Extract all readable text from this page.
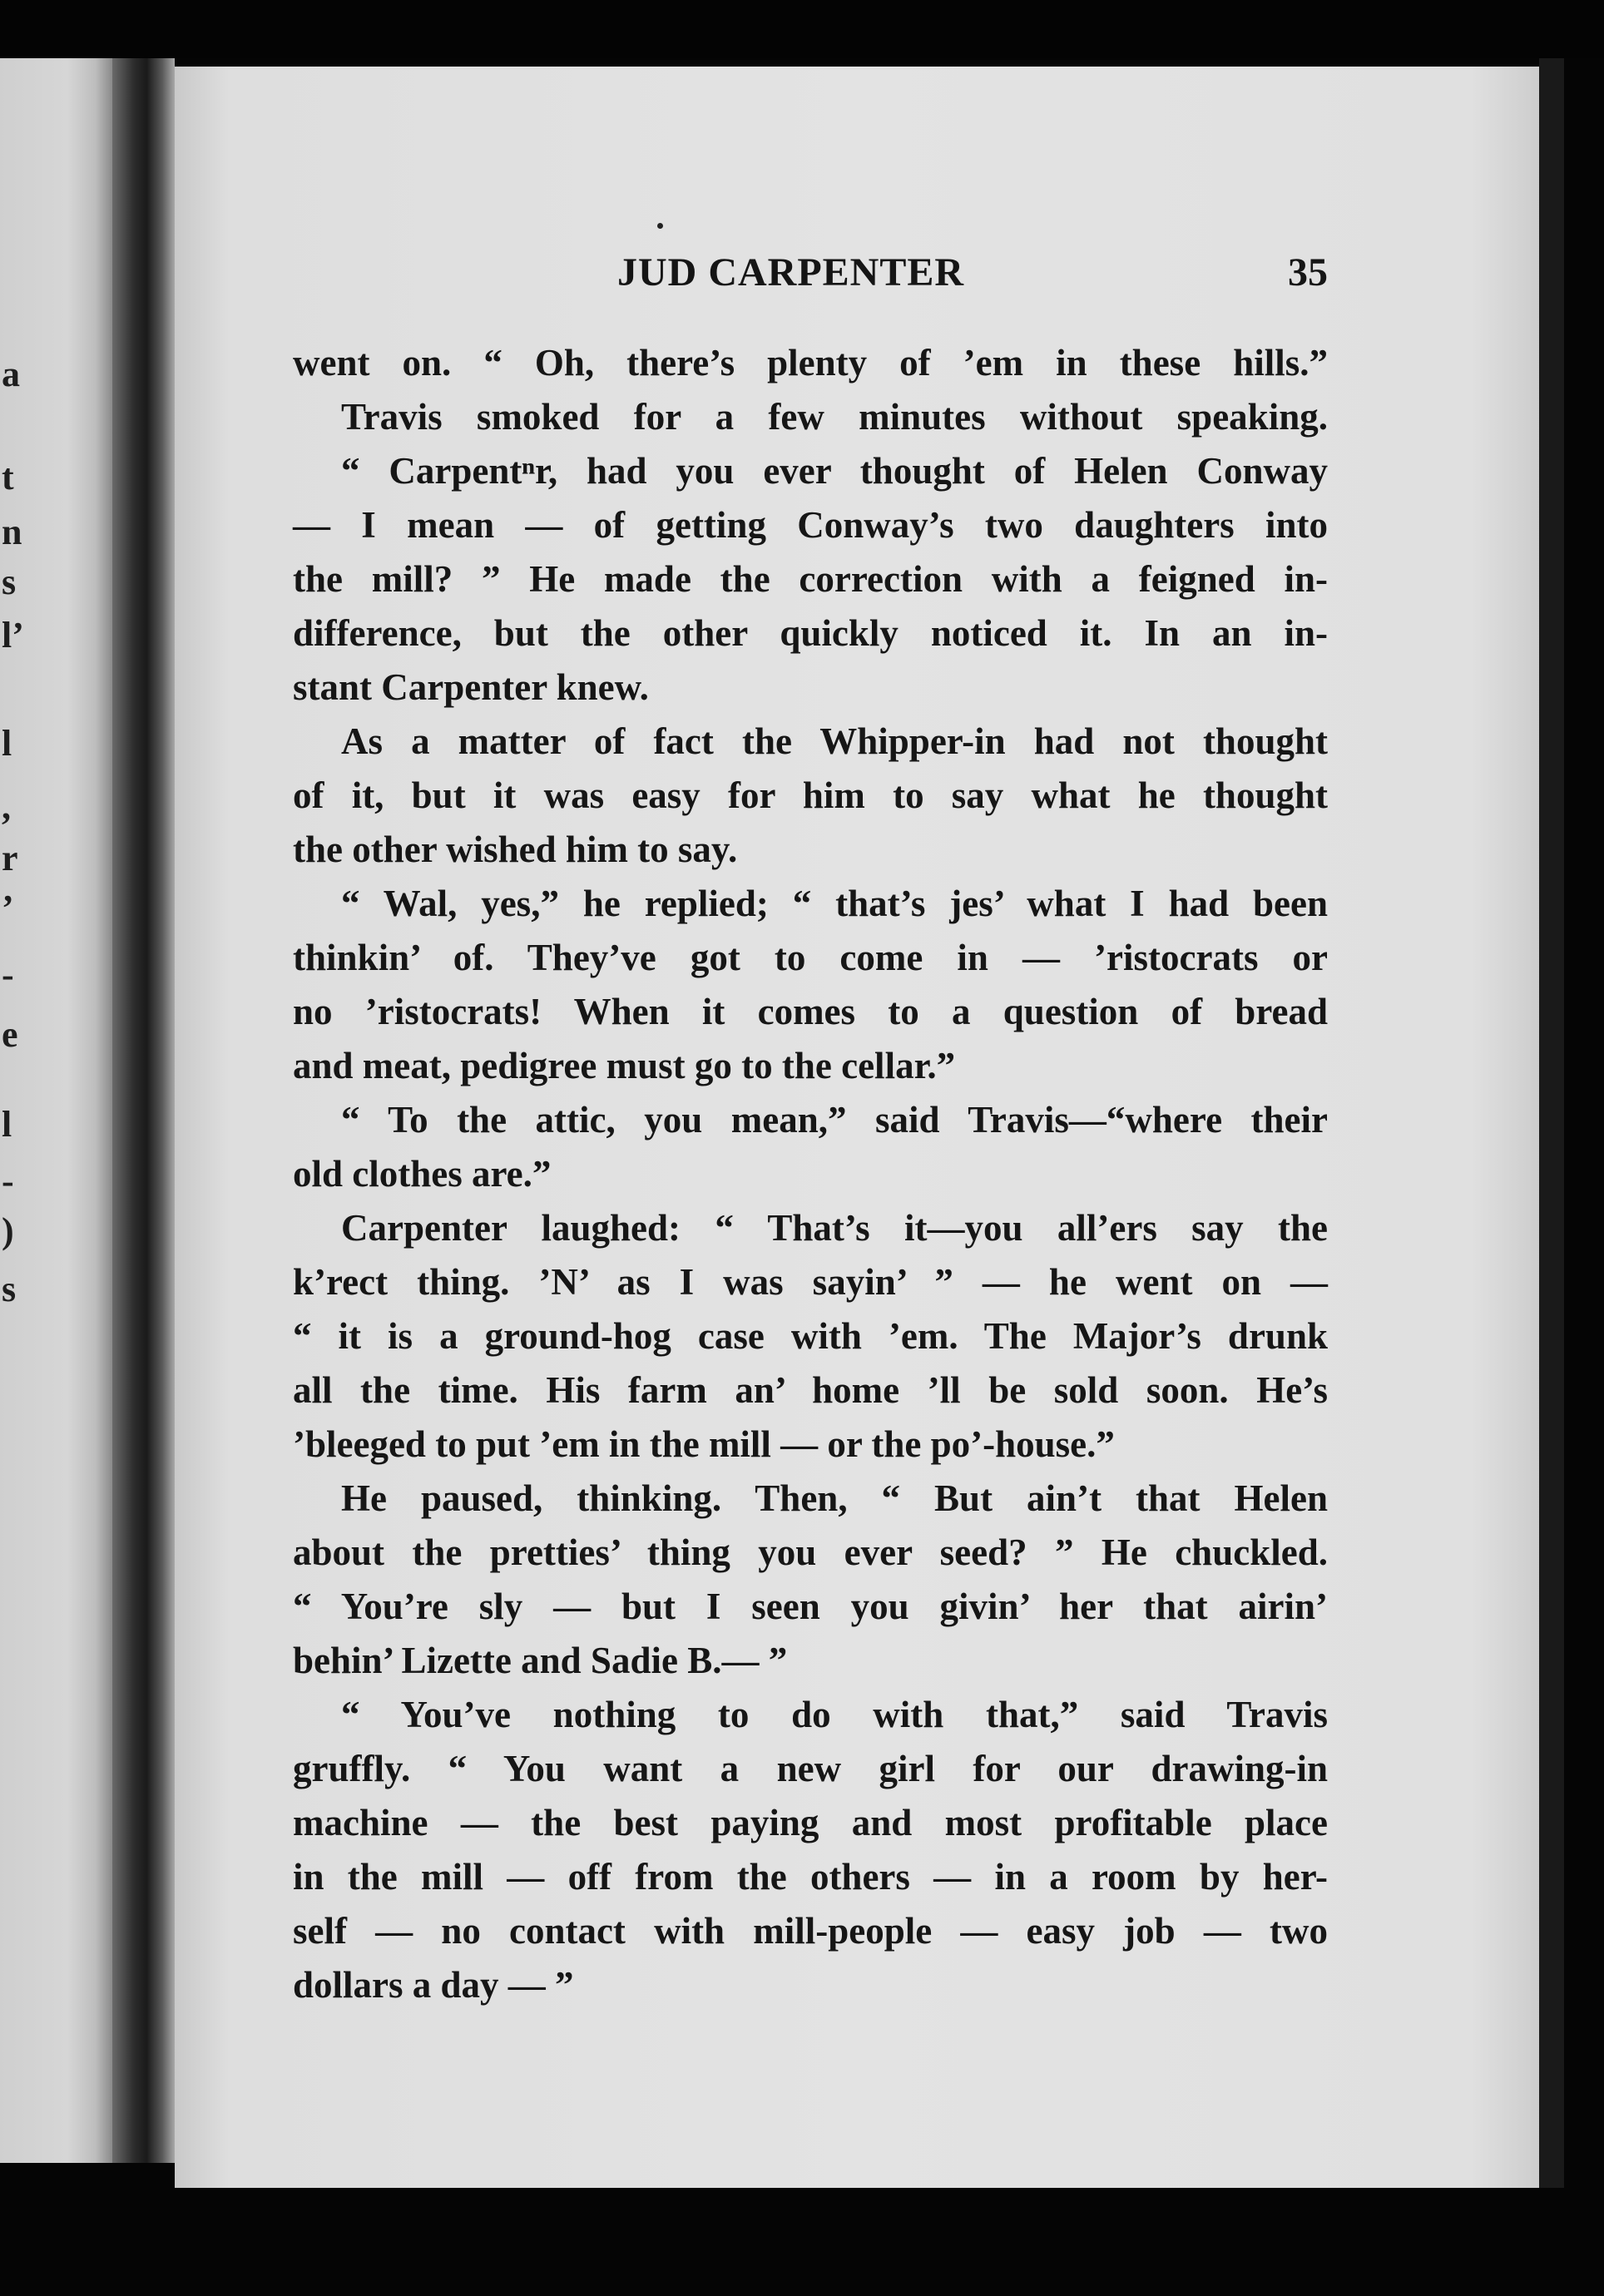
a
t
n
s
l’
l
,
r
’
-
e
l
-
)
s
JUD CARPENTER	35
went on. “ Oh, there’s plenty of ’em in these hills.”
Travis smoked for a few minutes without speaking.
“ Carpentⁿr, had you ever thought of Helen Conway
— I mean — of getting Conway’s two daughters into
the mill? ” He made the correction with a feigned in-
difference, but the other quickly noticed it. In an in-
stant Carpenter knew.
As a matter of fact the Whipper-in had not thought
of it, but it was easy for him to say what he thought
the other wished him to say.
“ Wal, yes,” he replied; “ that’s jes’ what I had been
thinkin’ of. They’ve got to come in — ’ristocrats or
no ’ristocrats! When it comes to a question of bread
and meat, pedigree must go to the cellar.”
“ To the attic, you mean,” said Travis—“where their
old clothes are.”
Carpenter laughed: “ That’s it—you all’ers say the
k’rect thing. ’N’ as I was sayin’ ” — he went on —
“ it is a ground-hog case with ’em. The Major’s drunk
all the time. His farm an’ home ’ll be sold soon. He’s
’bleeged to put ’em in the mill — or the po’-house.”
He paused, thinking. Then, “ But ain’t that Helen
about the pretties’ thing you ever seed? ” He chuckled.
“ You’re sly — but I seen you givin’ her that airin’
behin’ Lizette and Sadie B.— ”
“ You’ve nothing to do with that,” said Travis
gruffly. “ You want a new girl for our drawing-in
machine — the best paying and most profitable place
in the mill — off from the others — in a room by her-
self — no contact with mill-people — easy job — two
dollars a day — ”
